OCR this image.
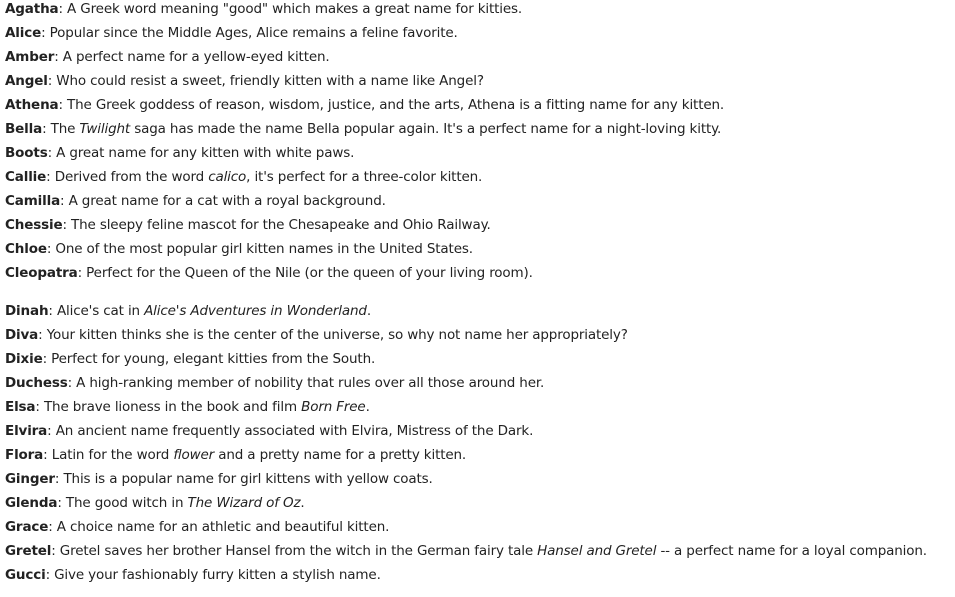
Agatha: A Greek word meaning "good" which makes a great name for kitties.
Alice: Popular since the Middle Ages, Alice remains a feline favorite.
Amber: A perfect name for a yellow-eyed kitten.
Angel: Who could resist a sweet, friendly kitten with a name like Angel?
Athena: The Greek goddess of reason, wisdom, justice, and the arts, Athena is a fitting name for any kitten.
Bella: The Twilight saga has made the name Bella popular again. It's a perfect name for a night-loving kitty.
Boots: A great name for any kitten with white paws.
Callie: Derived from the word calico, it's perfect for a three-color kitten.
Camilla: A great name for a cat with a royal background.
Chessie: The sleepy feline mascot for the Chesapeake and Ohio Railway.
Chloe: One of the most popular girl kitten names in the United States.
Cleopatra: Perfect for the Queen of the Nile (or the queen of your living room).
Dinah: Alice's cat in Alice's Adventures in Wonderland.
Diva: Your kitten thinks she is the center of the universe, so why not name her appropriately?
Dixie: Perfect for young, elegant kitties from the South.
Duchess: A high-ranking member of nobility that rules over all those around her.
Elsa: The brave lioness in the book and film Born Free.
Elvira: An ancient name frequently associated with Elvira, Mistress of the Dark.
Flora: Latin for the word flower and a pretty name for a pretty kitten.
Ginger: This is a popular name for girl kittens with yellow coats.
Glenda: The good witch in The Wizard of Oz.
Grace: A choice name for an athletic and beautiful kitten.
Gretel: Gretel saves her brother Hansel from the witch in the German fairy tale Hansel and Gretel -- a perfect name for a loyal companion.
Gucci: Give your fashionably furry kitten a stylish name.
